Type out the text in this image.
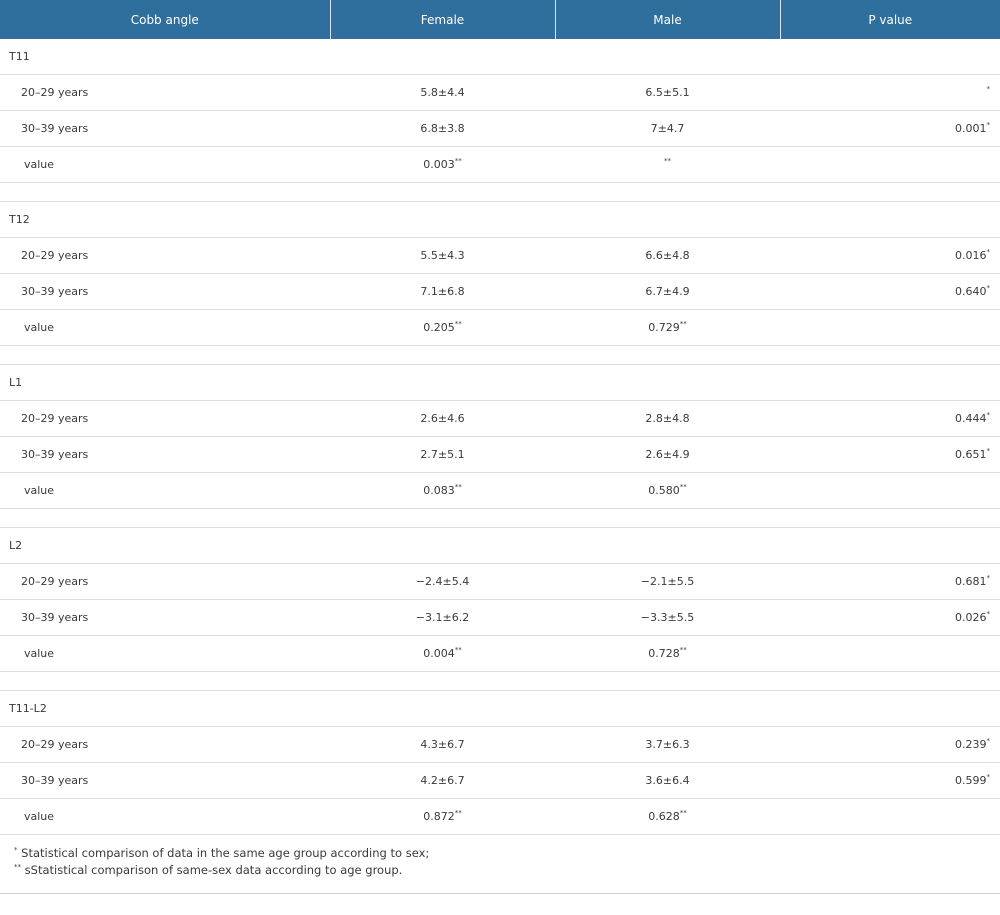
Cobb angle	Female	Male	P value
T11			
20–29 years	5.8±4.4	6.5±5.1	*
30–39 years	6.8±3.8	7±4.7	0.001*
value	0.003**	**	

T12			
20–29 years	5.5±4.3	6.6±4.8	0.016*
30–39 years	7.1±6.8	6.7±4.9	0.640*
value	0.205**	0.729**	

L1			
20–29 years	2.6±4.6	2.8±4.8	0.444*
30–39 years	2.7±5.1	2.6±4.9	0.651*
value	0.083**	0.580**	

L2			
20–29 years	−2.4±5.4	−2.1±5.5	0.681*
30–39 years	−3.1±6.2	−3.3±5.5	0.026*
value	0.004**	0.728**	

T11-L2			
20–29 years	4.3±6.7	3.7±6.3	0.239*
30–39 years	4.2±6.7	3.6±6.4	0.599*
value	0.872**	0.628**	
* Statistical comparison of data in the same age group according to sex;
** sStatistical comparison of same-sex data according to age group.
